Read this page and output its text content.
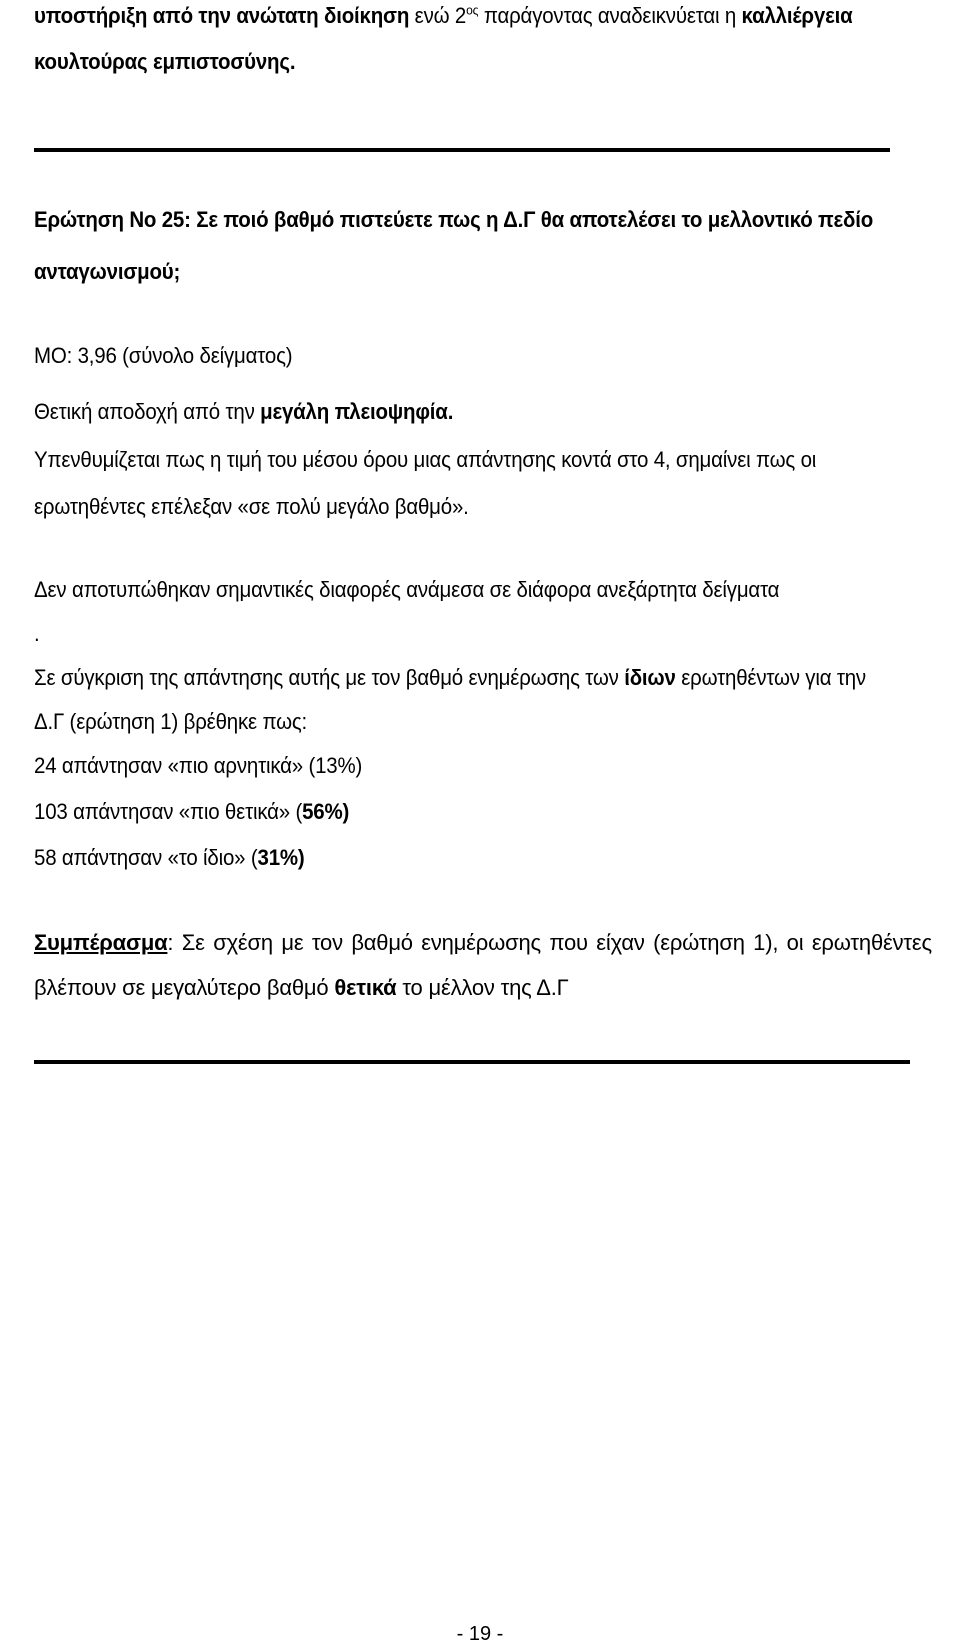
υποστήριξη από την ανώτατη διοίκηση ενώ $2^{o\varsigma}$ παράγοντας αναδεικνύεται η καλλιέργεια
κουλτούρας εμπιστοσύνης.
Ερώτηση Νο 25: Σε ποιό βαθμό πιστεύετε πως η Δ.Γ θα αποτελέσει το μελλοντικό πεδίο
ανταγωνισμού;
ΜΟ: 3,96 (σύνολο δείγματος)
Θετική αποδοχή από την μεγάλη πλειοψηφία.
Υπενθυμίζεται πως η τιμή του μέσου όρου μιας απάντησης κοντά στο 4, σημαίνει πως οι
ερωτηθέντες επέλεξαν «σε πολύ μεγάλο βαθμό».
Δεν αποτυπώθηκαν σημαντικές διαφορές ανάμεσα σε διάφορα ανεξάρτητα δείγματα
.
Σε σύγκριση της απάντησης αυτής με τον βαθμό ενημέρωσης των ίδιων ερωτηθέντων για την
Δ.Γ (ερώτηση 1) βρέθηκε πως:
24 απάντησαν «πιο αρνητικά» (13%)
103 απάντησαν «πιο θετικά» (56%)
58 απάντησαν «το ίδιο» (31%)
Συμπέρασμα: Σε σχέση με τον βαθμό ενημέρωσης που είχαν (ερώτηση 1), οι ερωτηθέντες
βλέπουν σε μεγαλύτερο βαθμό θετικά το μέλλον της Δ.Γ
- 19 -
